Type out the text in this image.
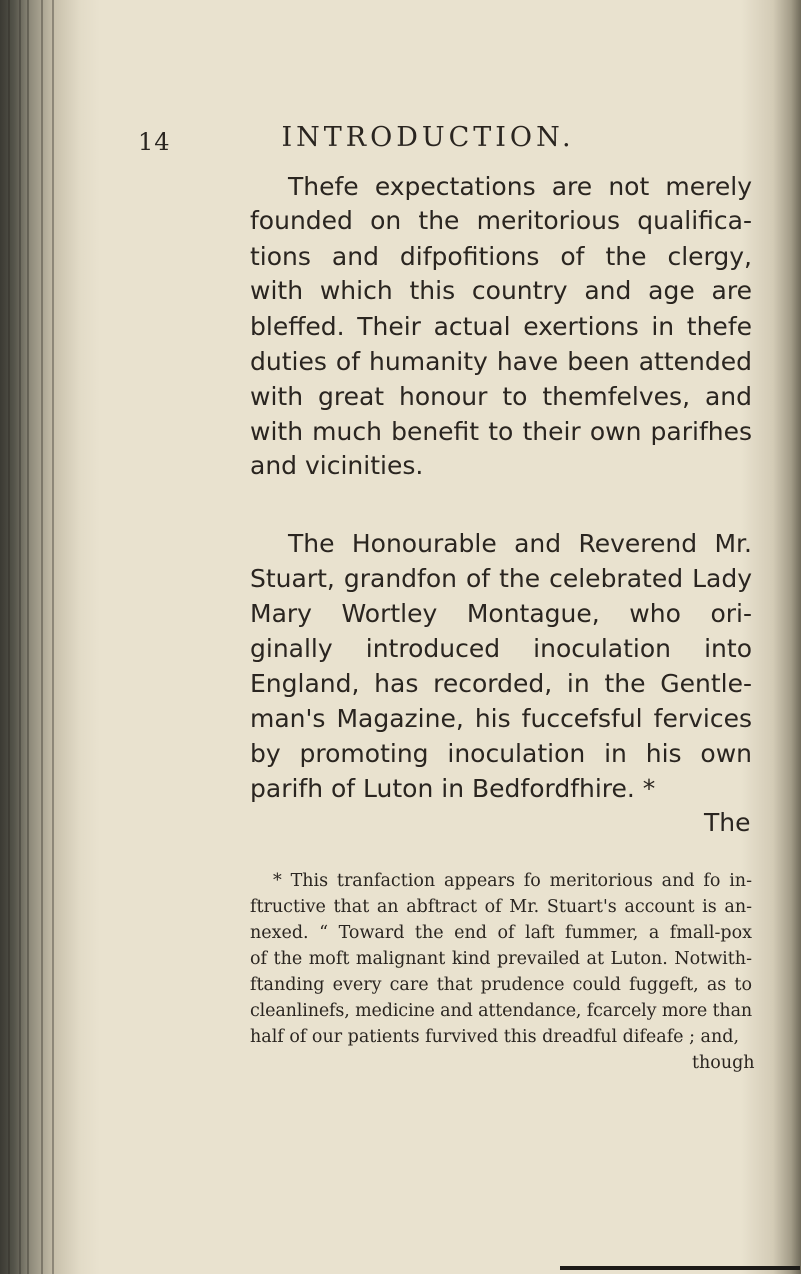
14	INTRODUCTION.
Thefe expectations are not merely
founded on the meritorious qualifica-
tions and difpofitions of the clergy,
with which this country and age are
bleffed. Their actual exertions in thefe
duties of humanity have been attended
with great honour to themfelves, and
with much benefit to their own parifhes
and vicinities.
The Honourable and Reverend Mr.
Stuart, grandfon of the celebrated Lady
Mary Wortley Montague, who ori-
ginally introduced inoculation into
England, has recorded, in the Gentle-
man's Magazine, his fuccefsful fervices
by promoting inoculation in his own
parifh of Luton in Bedfordfhire. *
The
* This tranfaction appears fo meritorious and fo in-
ftructive that an abftract of Mr. Stuart's account is an-
nexed. “ Toward the end of laft fummer, a fmall-pox
of the moft malignant kind prevailed at Luton. Notwith-
ftanding every care that prudence could fuggeft, as to
cleanlinefs, medicine and attendance, fcarcely more than
half of our patients furvived this dreadful difeafe ; and,
though
